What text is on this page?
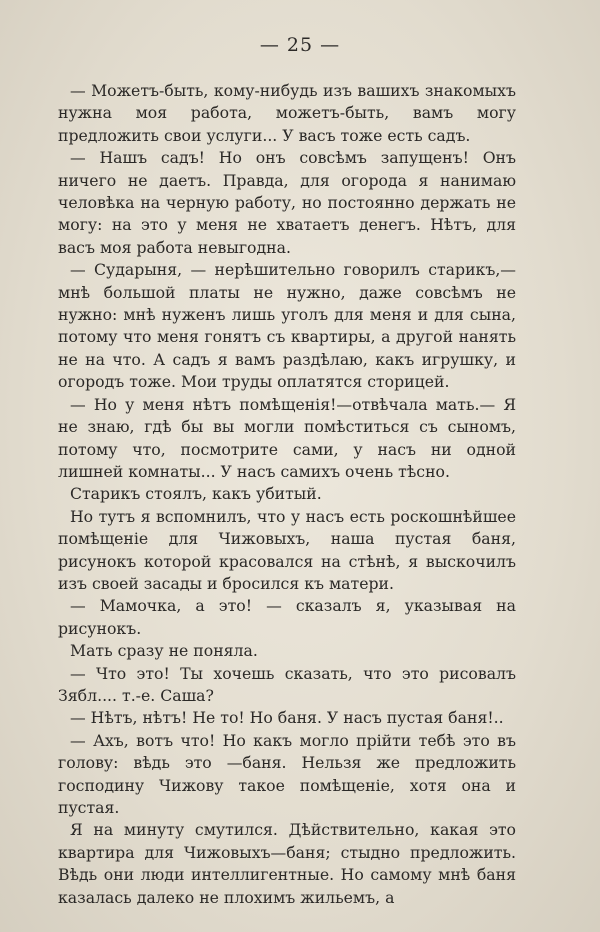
— 25 —

— Можетъ-быть, кому-нибудь изъ вашихъ знакомыхъ нужна моя работа, можетъ-быть, вамъ могу предложить свои услуги... У васъ тоже есть садъ.

— Нашъ садъ! Но онъ совсѣмъ запущенъ! Онъ ничего не даетъ. Правда, для огорода я нанимаю человѣка на черную работу, но постоянно держать не могу: на это у меня не хватаетъ денегъ. Нѣтъ, для васъ моя работа невыгодна.

— Сударыня, — нерѣшительно говорилъ старикъ,—мнѣ большой платы не нужно, даже совсѣмъ не нужно: мнѣ нуженъ лишь уголъ для меня и для сына, потому что меня гонятъ съ квартиры, а другой нанять не на что. А садъ я вамъ раздѣлаю, какъ игрушку, и огородъ тоже. Мои труды оплатятся сторицей.

— Но у меня нѣтъ помѣщенія!—отвѣчала мать.— Я не знаю, гдѣ бы вы могли помѣститься съ сыномъ, потому что, посмотрите сами, у насъ ни одной лишней комнаты... У насъ самихъ очень тѣсно.

Старикъ стоялъ, какъ убитый.

Но тутъ я вспомнилъ, что у насъ есть роскошнѣйшее помѣщеніе для Чижовыхъ, наша пустая баня, рисунокъ которой красовался на стѣнѣ, я выскочилъ изъ своей засады и бросился къ матери.

— Мамочка, а это! — сказалъ я, указывая на рисунокъ.

Мать сразу не поняла.

— Что это! Ты хочешь сказать, что это рисовалъ Зябл.... т.-е. Саша?

— Нѣтъ, нѣтъ! Не то! Но баня. У насъ пустая баня!..

— Ахъ, вотъ что! Но какъ могло прійти тебѣ это въ голову: вѣдь это —баня. Нельзя же предложить господину Чижову такое помѣщеніе, хотя она и пустая.

Я на минуту смутился. Дѣйствительно, какая это квартира для Чижовыхъ—баня; стыдно предложить. Вѣдь они люди интеллигентные. Но самому мнѣ баня казалась далеко не плохимъ жильемъ, а
